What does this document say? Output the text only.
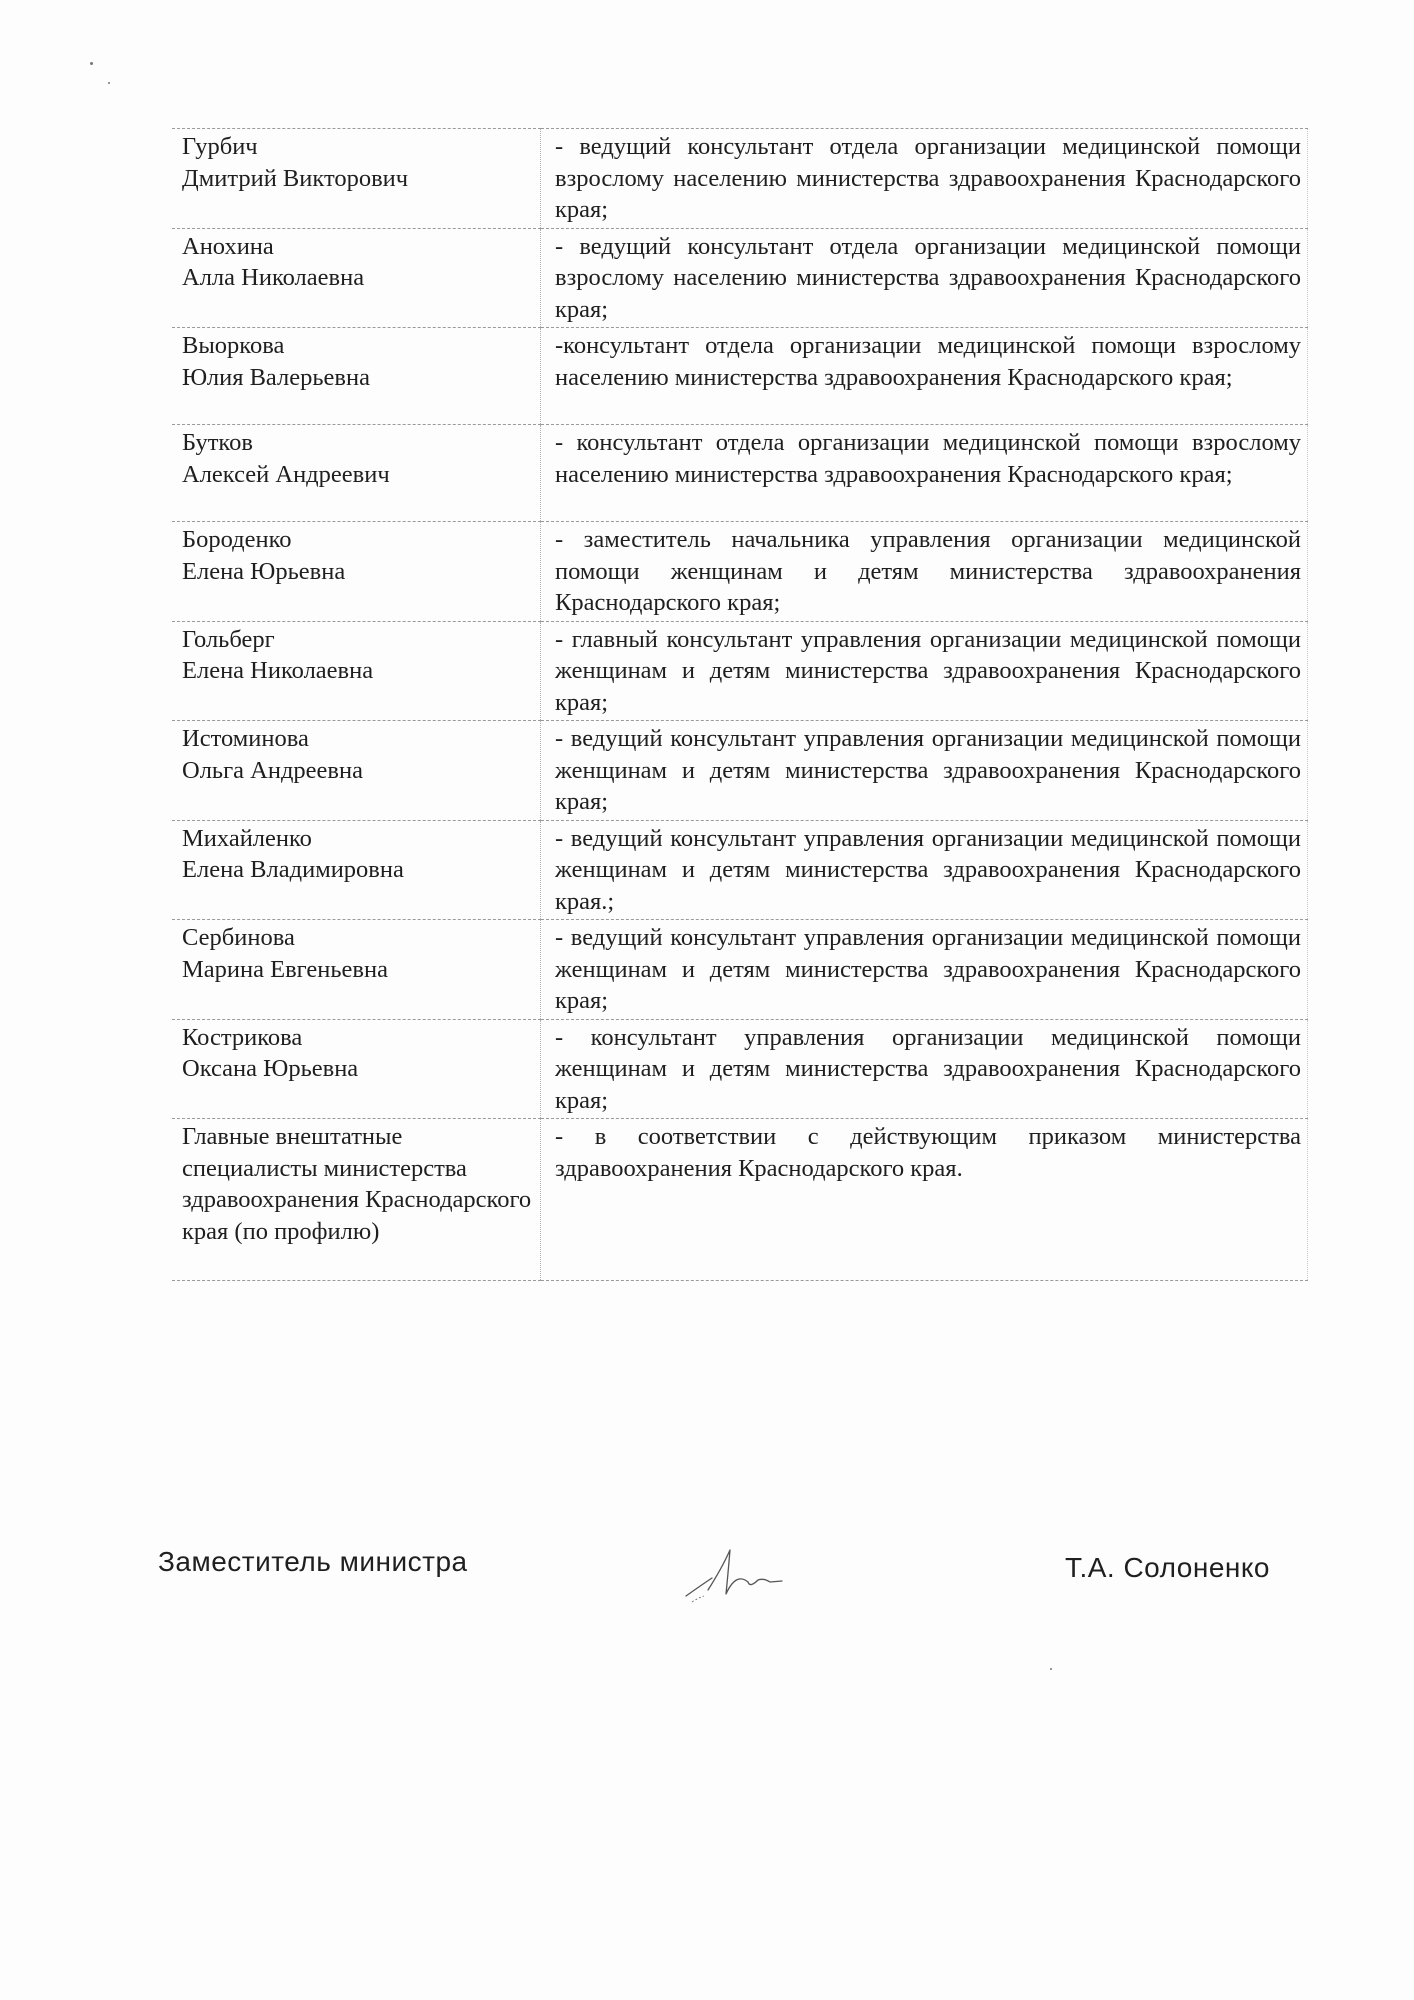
Гурбич
Дмитрий Викторович	- ведущий консультант отдела организации медицинской помощи взрослому населению министерства здравоохранения Краснодарского края;

Анохина
Алла Николаевна	- ведущий консультант отдела организации медицинской помощи взрослому населению министерства здравоохранения Краснодарского края;

Выоркова
Юлия Валерьевна	-консультант отдела организации медицинской помощи взрослому населению министерства здравоохранения Краснодарского края;

Бутков
Алексей Андреевич	- консультант отдела организации медицинской помощи взрослому населению министерства здравоохранения Краснодарского края;

Бороденко
Елена Юрьевна	- заместитель начальника управления организации медицинской помощи женщинам и детям министерства здравоохранения Краснодарского края;

Гольберг
Елена Николаевна	- главный консультант управления организации медицинской помощи женщинам и детям министерства здравоохранения Краснодарского края;

Истоминова
Ольга Андреевна	- ведущий консультант управления организации медицинской помощи женщинам и детям министерства здравоохранения Краснодарского края;

Михайленко
Елена Владимировна	- ведущий консультант управления организации медицинской помощи женщинам и детям министерства здравоохранения Краснодарского края.;

Сербинова
Марина Евгеньевна	- ведущий консультант управления организации медицинской помощи женщинам и детям министерства здравоохранения Краснодарского края;

Кострикова
Оксана Юрьевна	- консультант управления организации медицинской помощи женщинам и детям министерства здравоохранения Краснодарского края;
Главные внештатные специалисты министерства здравоохранения Краснодарского края (по профилю)	- в соответствии с действующим приказом министерства здравоохранения Краснодарского края.
Заместитель министра	Т.А. Солоненко
